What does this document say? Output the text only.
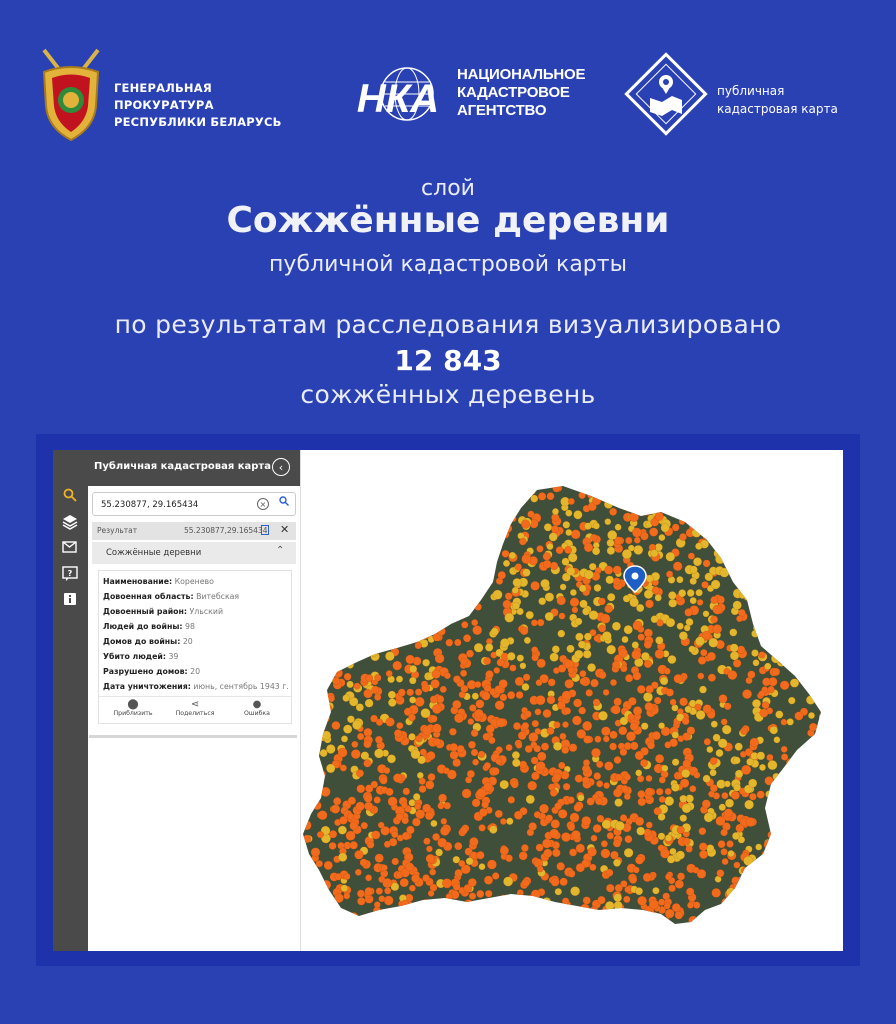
ГЕНЕРАЛЬНАЯ ПРОКУРАТУРА
РЕСПУБЛИКИ БЕЛАРУСЬ
НКА
НАЦИОНАЛЬНОЕ
КАДАСТРОВОЕ
АГЕНТСТВО
публичная
кадастровая карта
слой
Сожжённые деревни
публичной кадастровой карты
по результатам расследования визуализировано
12 843
сожжённых деревень
?
Публичная кадастровая карта ‹
55.230877, 29.165434
×
Результат	55.230877,29.165434 ✕
Сожжённые деревни	⌃
Наименование: Коренево
Довоенная область: Витебская
Довоенный район: Ульский
Людей до войны: 98
Домов до войны: 20
Убито людей: 39
Разрушено домов: 20
Дата уничтожения: июнь, сентябрь 1943 г.
⬤
Приблизить
⋖
Поделиться
●
Ошибка
